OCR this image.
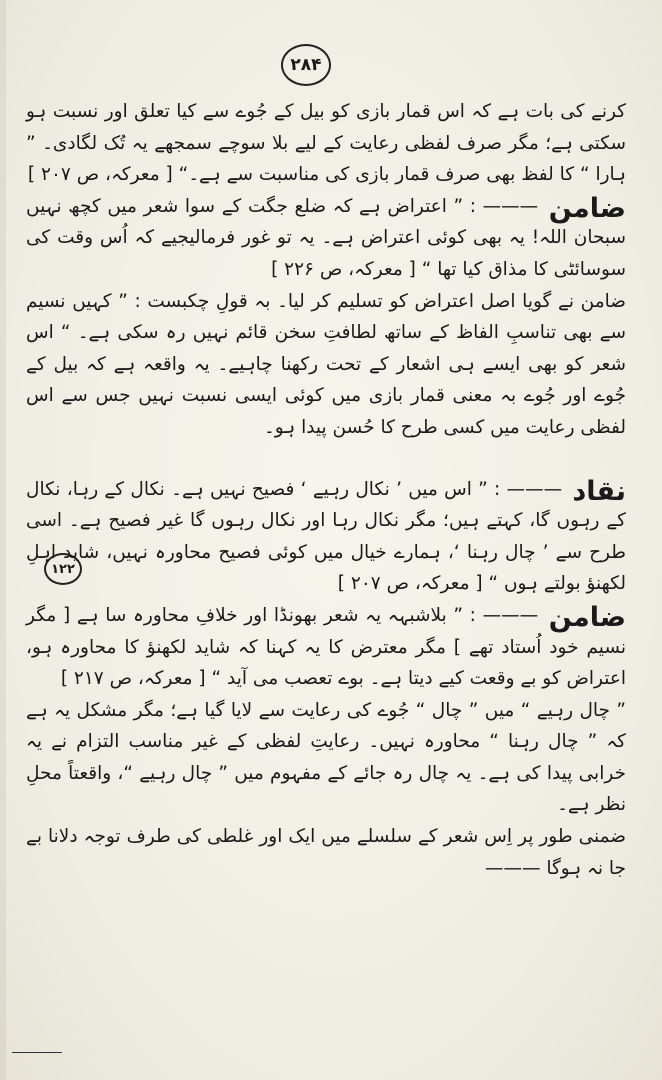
۲۸۴
۱۲۲

کرنے کی بات ہے کہ اس قمار بازی کو بیل کے جُوے سے کیا تعلق اور نسبت ہو سکتی ہے؛ مگر صرف لفظی رعایت کے لیے بلا سوچے سمجھے یہ تُک لگادی۔ ” ہارا “ کا لفظ بھی صرف قمار بازی کی مناسبت سے ہے۔“ [ معرکہ، ص ۲۰۷ ]

ضامن ——— : ” اعتراض ہے کہ ضلع جگت کے سوا شعر میں کچھ نہیں سبحان اللہ! یہ بھی کوئی اعتراض ہے۔ یہ تو غور فرمالیجیے کہ اُس وقت کی سوسائٹی کا مذاق کیا تھا “ [ معرکہ، ص ۲۲۶ ]

ضامن نے گویا اصل اعتراض کو تسلیم کر لیا۔ بہ قولِ چکبست : ” کہیں نسیم سے بھی تناسبِ الفاظ کے ساتھ لطافتِ سخن قائم نہیں رہ سکی ہے۔ “ اس شعر کو بھی ایسے ہی اشعار کے تحت رکھنا چاہیے۔ یہ واقعہ ہے کہ بیل کے جُوے اور جُوے بہ معنی قمار بازی میں کوئی ایسی نسبت نہیں جس سے اس لفظی رعایت میں کسی طرح کا حُسن پیدا ہو۔

نقاد ——— : ” اس میں ’ نکال رہیے ‘ فصیح نہیں ہے۔ نکال کے رہا، نکال کے رہوں گا، کہتے ہیں؛ مگر نکال رہا اور نکال رہوں گا غیر فصیح ہے۔ اسی طرح سے ’ چال رہنا ‘، ہمارے خیال میں کوئی فصیح محاورہ نہیں، شاید اہلِ لکھنؤ بولتے ہوں “ [ معرکہ، ص ۲۰۷ ]

ضامن ——— : ” بلاشبہہ یہ شعر بھونڈا اور خلافِ محاورہ سا ہے [ مگر نسیم خود اُستاد تھے ] مگر معترض کا یہ کہنا کہ شاید لکھنؤ کا محاورہ ہو، اعتراض کو بے وقعت کیے دیتا ہے۔ بوے تعصب می آید “ [ معرکہ، ص ۲۱۷ ]

” چال رہیے “ میں ” چال “ جُوے کی رعایت سے لایا گیا ہے؛ مگر مشکل یہ ہے کہ ” چال رہنا “ محاورہ نہیں۔ رعایتِ لفظی کے غیر مناسب التزام نے یہ خرابی پیدا کی ہے۔ یہ چال رہ جائے کے مفہوم میں ” چال رہیے “، واقعتاً محلِ نظر ہے۔

ضمنی طور پر اِس شعر کے سلسلے میں ایک اور غلطی کی طرف توجہ دلانا بے جا نہ ہوگا ———
